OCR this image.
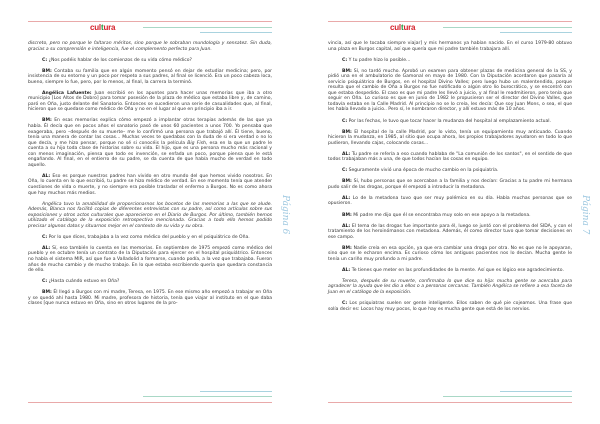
cultura

discreto, pero no porque le faltaran méritos, sino porque le sobraban mundología y sensatez. Sin duda, gracias a su comprensión e inteligencia, fue el complemento perfecto para Juan.

C: ¿Nos podéis hablar de los comienzos de su vida cómo médico?

BM: Contaba su familia que en algún momento pensó en dejar de estudiar medicina; pero, por insistencia de su entorno y un poco por respeto a sus padres, al final se licenció. Era un poco cabeza loca, bueno, siempre lo fue, pero, por lo menos, al final, la carrera la terminó.

Angélica Lafuente: Juan escribió en los apuntes para hacer unas memorias que iba a otro municipio [Los Altos de Dobro] para tomar posesión de la plaza de médico que estaba libre y, de camino, paró en Oña, justo delante del Sanatorio. Entonces se sucedieron una serie de casualidades que, al final, hicieron que se quedase como médico de Oña y no en el lugar al que en principio iba a ir.

BM: En esas memorias explica cómo empezó a implantar otras terapias además de las que ya había. Él decía que en pocos años el sanatorio pasó de unos 60 pacientes a unos 700. Yo pensaba que exageraba, pero –después de su muerte– me lo confirmó una persona que trabajó allí. Él tiene, bueno, tenía una manera de contar las cosas... Muchas veces te quedabas con la duda de si era verdad o no lo que decía, y me hizo pensar, porque no sé si conocéis la película Big Fish, esa en la que un padre le cuenta a su hijo toda clase de historias sobre su vida. El hijo, que es una persona mucho más racional y con menos imaginación, piensa que todo es invención, se enfada un poco, porque piensa que le está engañando. Al final, en el entierro de su padre, se da cuenta de que había mucho de verdad en todo aquello.

AL: Eso es porque nuestros padres han vivido en otro mundo del que hemos vivido nosotros. En Oña, lo cuenta en lo que escribió, tu padre se hizo médico de verdad. En ese momento tenía que atender cuestiones de vida o muerte, y no siempre era posible trasladar el enfermo a Burgos. No es como ahora que hay muchos más medios.

Angélica tuvo la amabilidad de proporcionarnos los bocetos de las memorias a las que se alude. Además, Blanca nos facilitó copias de diferentes entrevistas con su padre, así como artículos sobre sus exposiciones y otros actos culturales que aparecieron en el Diario de Burgos. Por último, también hemos utilizado el catálogo de la exposición retrospectiva mencionada. Gracias a todo ello hemos podido precisar algunos datos y situarnos mejor en el contexto de su vida y su obra.

C: Por lo que dices, trabajaba a la vez como médico del pueblo y en el psiquiátrico de Oña.

AL: Sí, eso también lo cuenta en las memorias. En septiembre de 1975 empezó como médico del pueblo y en octubre tenía un contrato de la Diputación para ejercer en el hospital psiquiátrico. Entonces no había el sistema MIR, así que fue a Valladolid a formarse, cuando podía, a la vez que trabajaba. Fueron años de mucho cambio y de mucho trabajo. En lo que estaba escribiendo quería que quedara constancia de ello.

C: ¿Hasta cuándo estuvo en Oña?

BM: Él llegó a Burgos con mi madre, Teresa, en 1975. En ese mismo año empezó a trabajar en Oña y se quedó ahí hasta 1980. Mi madre, profesora de historia, tenía que viajar al instituto en el que daba clases [que nunca estuvo en Oña, sino en otros lugares de la pro-

Página 6
cultura

vincia, así que le tocaba siempre viajar] y mis hermanos ya habían nacido. En el curso 1979-80 obtuvo una plaza en Burgos capital, así que quería que mi padre también trabajara allí.

C: Y tu padre hizo lo posible...

BM: Sí, no tardó mucho. Aprobó un examen para obtener plazas de medicina general de la SS, y pidió una en el ambulatorio de Gamonal en mayo de 1980. Con la Diputación acordaron que pasaría al servicio psiquiátrico de Burgos, en el hospital Divino Valles; pero luego hubo un malentendido, porque resulta que el cambio de Oña a Burgos no fue notificado o algún otro lío burocrático, y se encontró con que estaba despedido. El caso es que mi padre les llevó a juicio, y al final le readmitieron, pero tenía que seguir en Oña. Lo curioso es que en junio de 1982 le propusieron ser el director del Divino Valles, que todavía estaba en la Calle Madrid. Al principio no se lo creía, les decía: Que soy Juan Mons, o sea, el que les había llevado a juicio.. Pero sí, le nombraron director, y allí estuvo más de 10 años.

C: Por las fechas, le tuvo que tocar hacer la mudanza del hospital al emplazamiento actual.

BM: El hospital de la calle Madrid, por lo visto, tenía un equipamiento muy anticuado. Cuando hicieron la mudanza, en 1985, al sitio que ocupa ahora, los propios trabajadores ayudaron en todo lo que pudieron, llevando cajas, colocando cosas...

AL: Tu padre se refería a eso cuando hablaba de "La comunión de los santos", en el sentido de que todos trabajaban más a una, de que todos hacían las cosas en equipo.

C: Seguramente vivió una época de mucho cambio en la psiquiatría.

BM: Sí, hubo personas que se acercaban a la familia y nos decían: Gracias a tu padre mi hermana pudo salir de las drogas, porque él empezó a introducir la metadona.

AL: Lo de la metadona tuvo que ser muy polémico en su día. Había muchas personas que se opusieron.

BM: Mi padre me dijo que él se encontraba muy solo en ese apoyo a la metadona.

AL: El tema de las drogas fue importante para él, luego se juntó con el problema del SIDA, y con el tratamiento de los heroinómanos con metadona. Además, él como director tuvo que tomar decisiones en ese campo.

BM: Nadie creía en esa opción, ya que era cambiar una droga por otra. No es que no le apoyaran, sino que se le echaron encima. Es curioso cómo los antiguos pacientes nos lo decían. Mucha gente le tenía un cariño muy profundo a mi padre.

AL: Te tienes que meter en las profundidades de la mente. Así que es lógico ese agradecimiento.

Teresa, después de su muerte, confirmaba lo que dice su hija: mucha gente se acercaba para agradecer la ayuda que les dio a ellos o a personas cercanas. También Angélica se refiere a esa faceta de Juan en el catálogo de la exposición.

C: Los psiquiatras suelen ser gente inteligente. Ellos saben de qué pie cojeamos. Una frase que solía decir es: Locos hay muy pocos, lo que hay es mucha gente que está de los nervios.

Página 7
